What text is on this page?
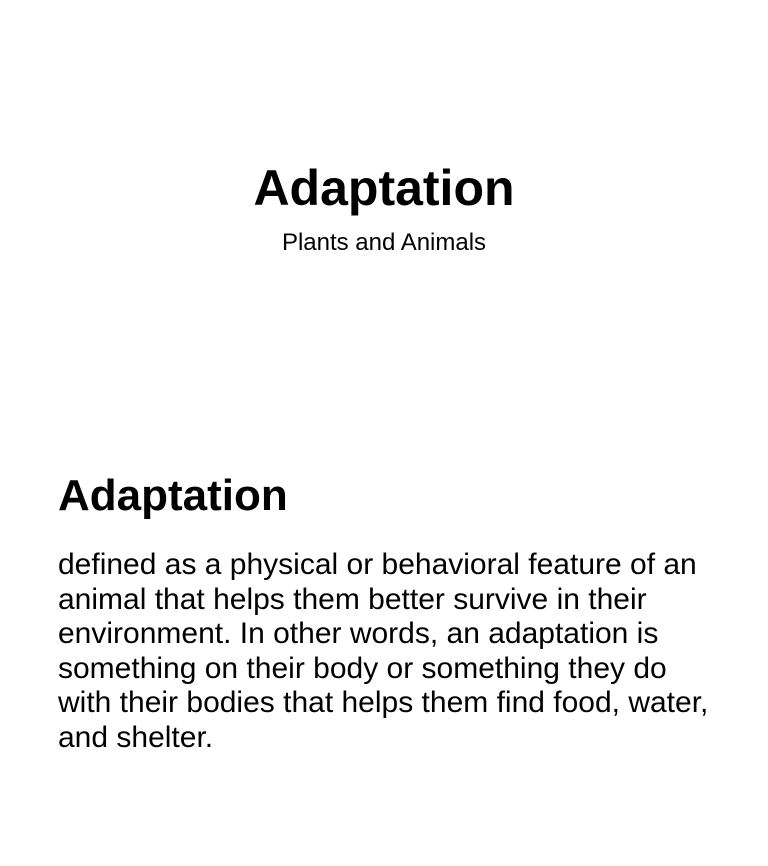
Adaptation

Plants and Animals

Adaptation

defined as a physical or behavioral feature of an animal that helps them better survive in their environment. In other words, an adaptation is something on their body or something they do with their bodies that helps them find food, water, and shelter.
